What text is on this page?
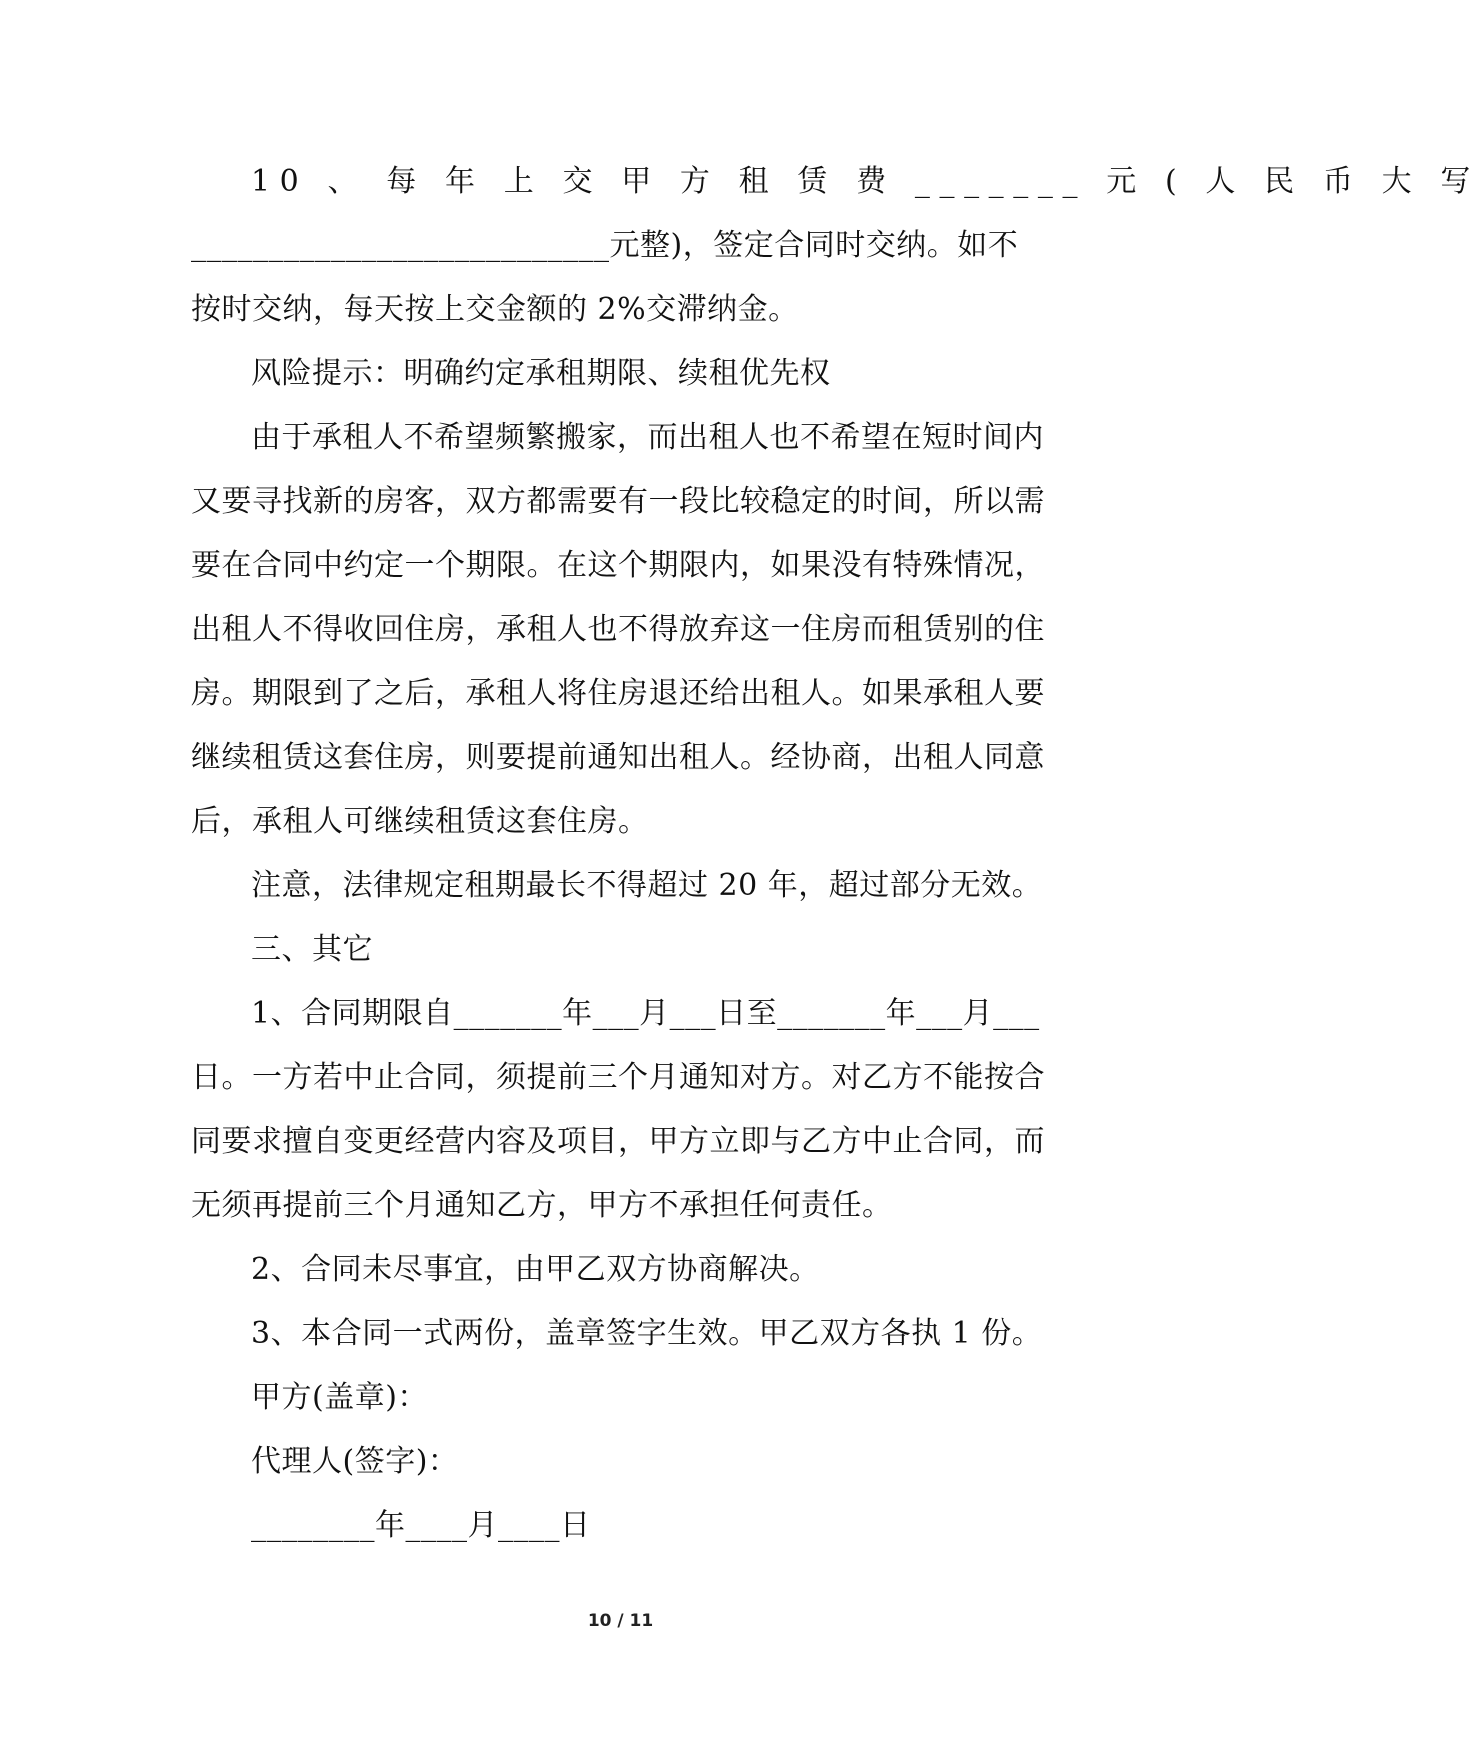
10 、 每 年 上 交 甲 方 租 赁 费 _______ 元 ( 人 民 币 大 写
___________________________元整)，签定合同时交纳。如不
按时交纳，每天按上交金额的 2%交滞纳金。
风险提示：明确约定承租期限、续租优先权
由于承租人不希望频繁搬家，而出租人也不希望在短时间内
又要寻找新的房客，双方都需要有一段比较稳定的时间，所以需
要在合同中约定一个期限。在这个期限内，如果没有特殊情况，
出租人不得收回住房，承租人也不得放弃这一住房而租赁别的住
房。期限到了之后，承租人将住房退还给出租人。如果承租人要
继续租赁这套住房，则要提前通知出租人。经协商，出租人同意
后，承租人可继续租赁这套住房。
注意，法律规定租期最长不得超过 20 年，超过部分无效。
三、其它
1、合同期限自_______年___月___日至_______年___月___
日。一方若中止合同，须提前三个月通知对方。对乙方不能按合
同要求擅自变更经营内容及项目，甲方立即与乙方中止合同，而
无须再提前三个月通知乙方，甲方不承担任何责任。
2、合同未尽事宜，由甲乙双方协商解决。
3、本合同一式两份，盖章签字生效。甲乙双方各执 1 份。
甲方(盖章)：
代理人(签字)：
________年____月____日
10 / 11
